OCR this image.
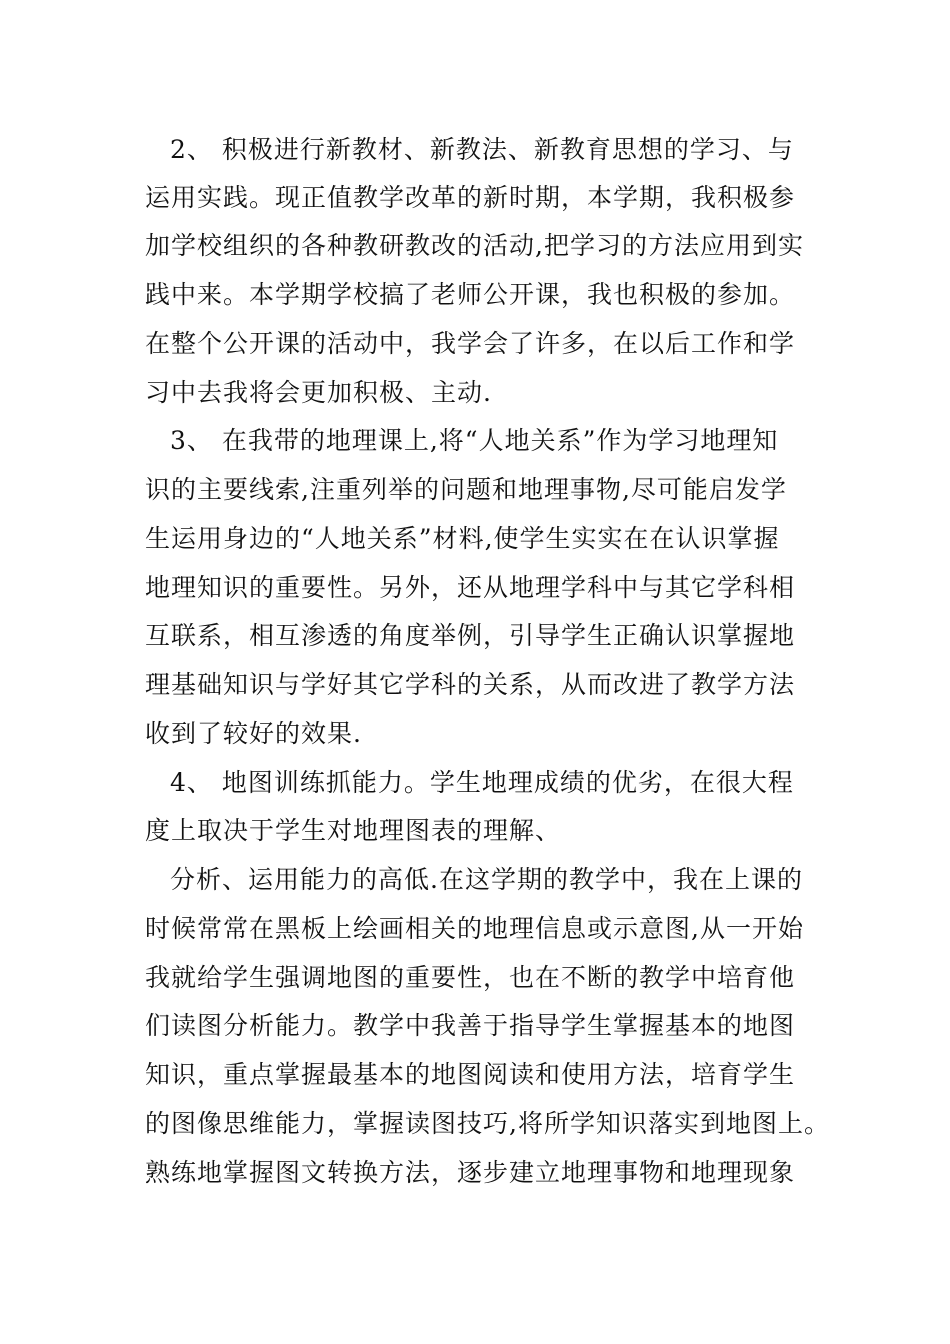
2、 积极进行新教材、新教法、新教育思想的学习、与
运用实践。现正值教学改革的新时期，本学期，我积极参
加学校组织的各种教研教改的活动,把学习的方法应用到实
践中来。本学期学校搞了老师公开课，我也积极的参加。
在整个公开课的活动中，我学会了许多，在以后工作和学
习中去我将会更加积极、主动.
3、 在我带的地理课上,将“人地关系”作为学习地理知
识的主要线索,注重列举的问题和地理事物,尽可能启发学
生运用身边的“人地关系”材料,使学生实实在在认识掌握
地理知识的重要性。另外，还从地理学科中与其它学科相
互联系，相互渗透的角度举例，引导学生正确认识掌握地
理基础知识与学好其它学科的关系，从而改进了教学方法
收到了较好的效果.
4、 地图训练抓能力。学生地理成绩的优劣，在很大程
度上取决于学生对地理图表的理解、
分析、运用能力的高低.在这学期的教学中，我在上课的
时候常常在黑板上绘画相关的地理信息或示意图,从一开始
我就给学生强调地图的重要性，也在不断的教学中培育他
们读图分析能力。教学中我善于指导学生掌握基本的地图
知识，重点掌握最基本的地图阅读和使用方法，培育学生
的图像思维能力，掌握读图技巧,将所学知识落实到地图上。
熟练地掌握图文转换方法，逐步建立地理事物和地理现象
